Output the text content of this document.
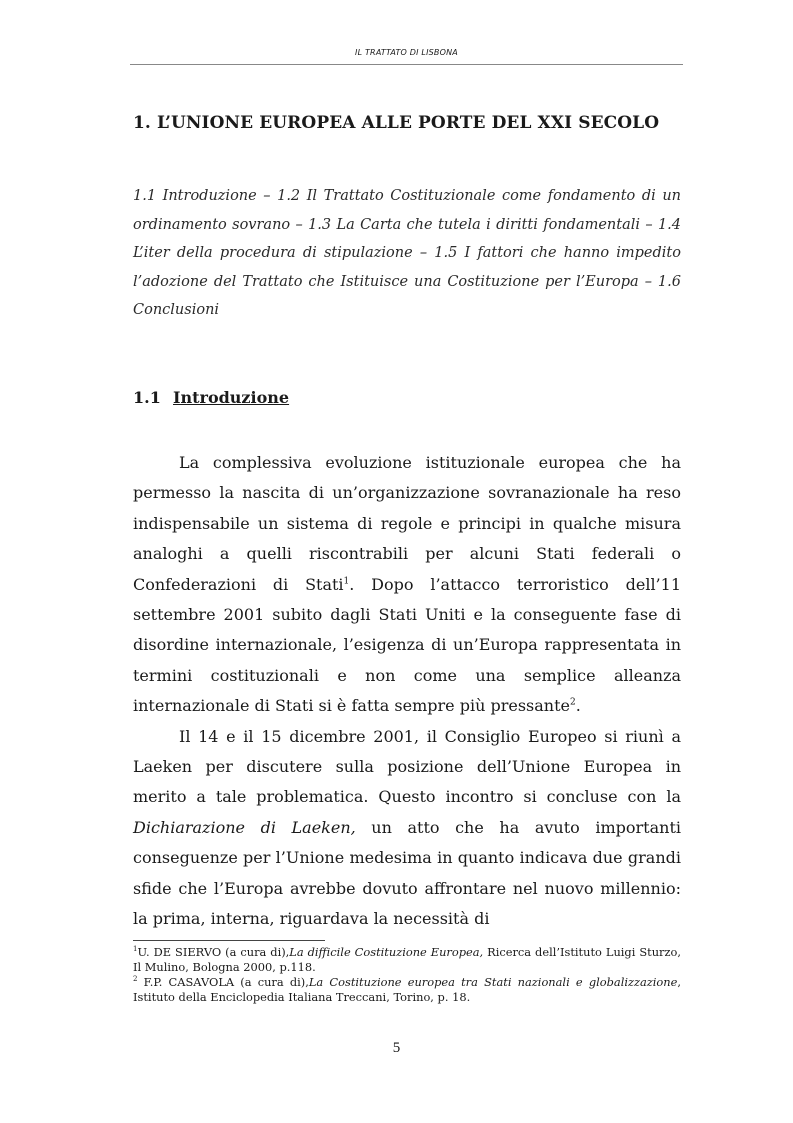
IL TRATTATO DI LISBONA
1. L’UNIONE EUROPEA ALLE PORTE DEL XXI SECOLO
1.1 Introduzione – 1.2 Il Trattato Costituzionale come fondamento di un ordinamento sovrano – 1.3 La Carta che tutela i diritti fondamentali – 1.4 L’iter della procedura di stipulazione – 1.5 I fattori che hanno impedito l’adozione del Trattato che Istituisce una Costituzione per l’Europa – 1.6 Conclusioni
1.1 Introduzione

La complessiva evoluzione istituzionale europea che ha permesso la nascita di un’organizzazione sovranazionale ha reso indispensabile un sistema di regole e principi in qualche misura analoghi a quelli riscontrabili per alcuni Stati federali o Confederazioni di Stati$^1$. Dopo l’attacco terroristico dell’11 settembre 2001 subito dagli Stati Uniti e la conseguente fase di disordine internazionale, l’esigenza di un’Europa rappresentata in termini costituzionali e non come una semplice alleanza internazionale di Stati si è fatta sempre più pressante$^2$.

Il 14 e il 15 dicembre 2001, il Consiglio Europeo si riunì a Laeken per discutere sulla posizione dell’Unione Europea in merito a tale problematica. Questo incontro si concluse con la Dichiarazione di Laeken, un atto che ha avuto importanti conseguenze per l’Unione medesima in quanto indicava due grandi sfide che l’Europa avrebbe dovuto affrontare nel nuovo millennio: la prima, interna, riguardava la necessità di

$^1$U. DE SIERVO (a cura di),La difficile Costituzione Europea, Ricerca dell’Istituto Luigi Sturzo, Il Mulino, Bologna 2000, p.118.

$^2$ F.P. CASAVOLA (a cura di),La Costituzione europea tra Stati nazionali e globalizzazione, Istituto della Enciclopedia Italiana Treccani, Torino, p. 18.

5
